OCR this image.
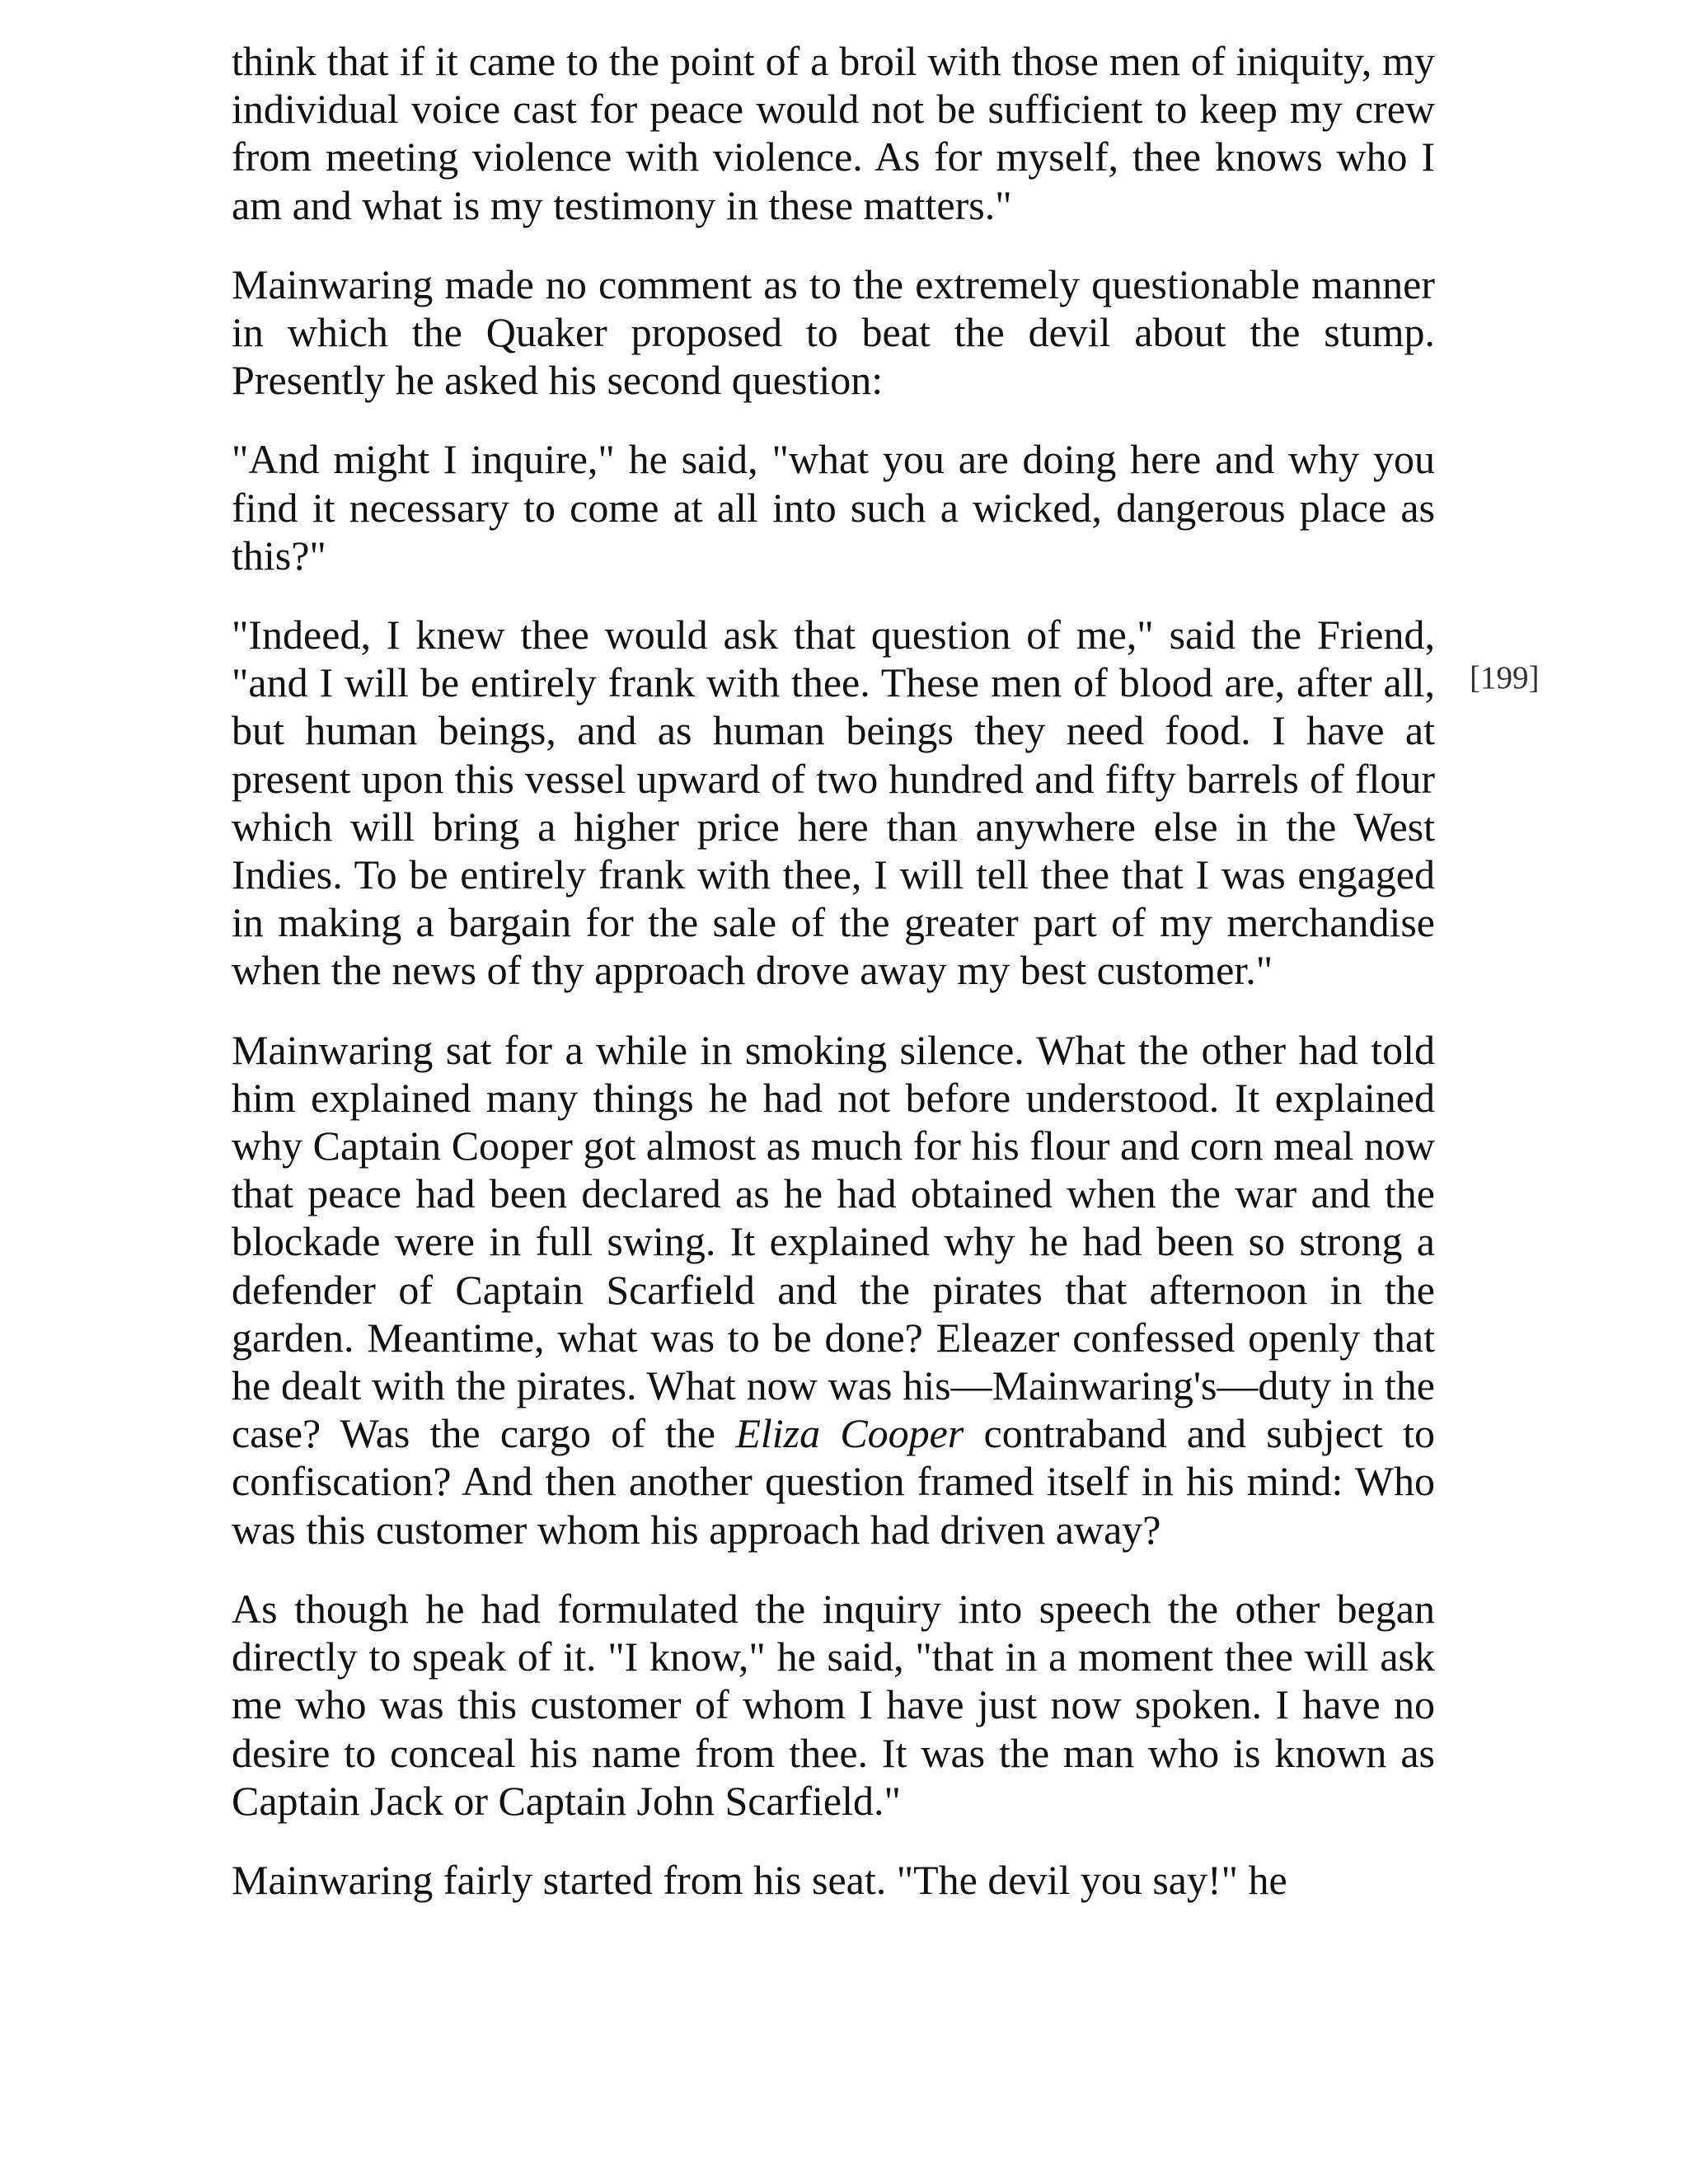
think that if it came to the point of a broil with those men of iniquity, my individual voice cast for peace would not be sufficient to keep my crew from meeting violence with violence. As for myself, thee knows who I am and what is my testimony in these matters."

Mainwaring made no comment as to the extremely questionable manner in which the Quaker proposed to beat the devil about the stump. Presently he asked his second question:

"And might I inquire," he said, "what you are doing here and why you find it necessary to come at all into such a wicked, dangerous place as this?"

"Indeed, I knew thee would ask that question of me," said the Friend, "and I will be entirely frank with thee. These men of blood are, after all, but human beings, and as human beings they need food. I have at present upon this vessel upward of two hundred and fifty barrels of flour which will bring a higher price here than anywhere else in the West Indies. To be entirely frank with thee, I will tell thee that I was engaged in making a bargain for the sale of the greater part of my merchandise when the news of thy approach drove away my best customer."

Mainwaring sat for a while in smoking silence. What the other had told him explained many things he had not before understood. It explained why Captain Cooper got almost as much for his flour and corn meal now that peace had been declared as he had obtained when the war and the blockade were in full swing. It explained why he had been so strong a defender of Captain Scarfield and the pirates that afternoon in the garden. Meantime, what was to be done? Eleazer confessed openly that he dealt with the pirates. What now was his—Mainwaring's—duty in the case? Was the cargo of the Eliza Cooper contraband and subject to confiscation? And then another question framed itself in his mind: Who was this customer whom his approach had driven away?

As though he had formulated the inquiry into speech the other began directly to speak of it. "I know," he said, "that in a moment thee will ask me who was this customer of whom I have just now spoken. I have no desire to conceal his name from thee. It was the man who is known as Captain Jack or Captain John Scarfield."

Mainwaring fairly started from his seat. "The devil you say!" he

[199]
